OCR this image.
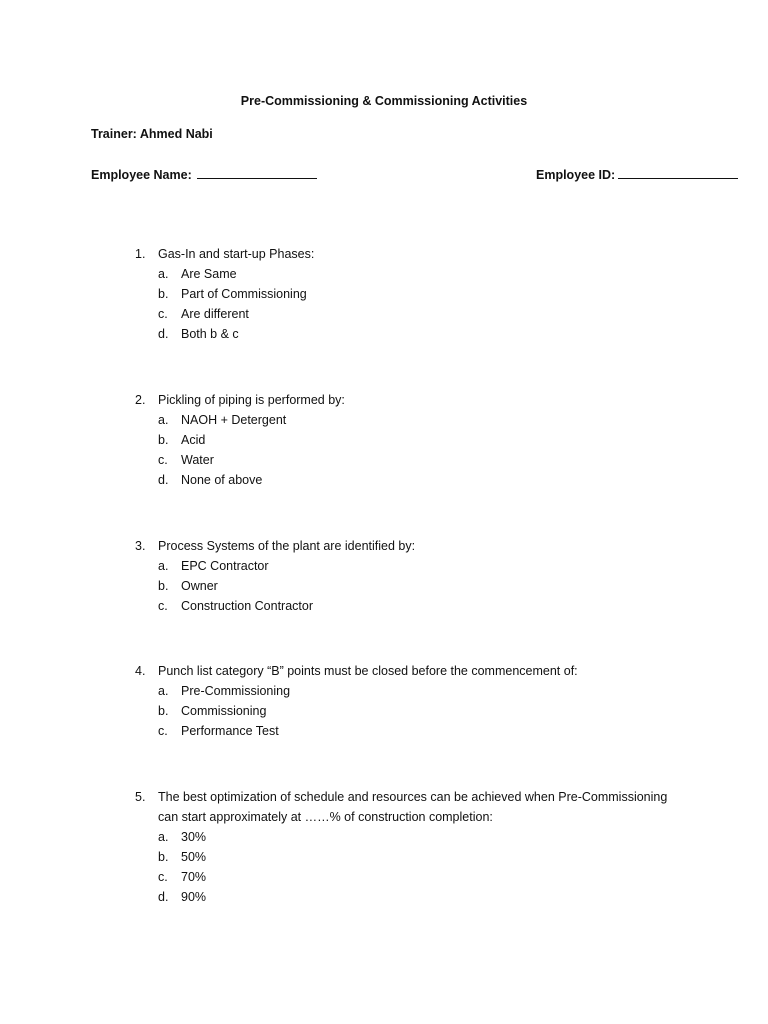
Pre-Commissioning & Commissioning Activities
Trainer: Ahmed Nabi
Employee Name:	Employee ID:
1.	Gas-In and start-up Phases:
a.	Are Same
b.	Part of Commissioning
c.	Are different
d.	Both b & c
2.	Pickling of piping is performed by:
a.	NAOH + Detergent
b.	Acid
c.	Water
d.	None of above
3.	Process Systems of the plant are identified by:
a.	EPC Contractor
b.	Owner
c.	Construction Contractor
4.	Punch list category “B” points must be closed before the commencement of:
a.	Pre-Commissioning
b.	Commissioning
c.	Performance Test
5.	The best optimization of schedule and resources can be achieved when Pre-Commissioning
can start approximately at ……% of construction completion:
a.	30%
b.	50%
c.	70%
d.	90%
